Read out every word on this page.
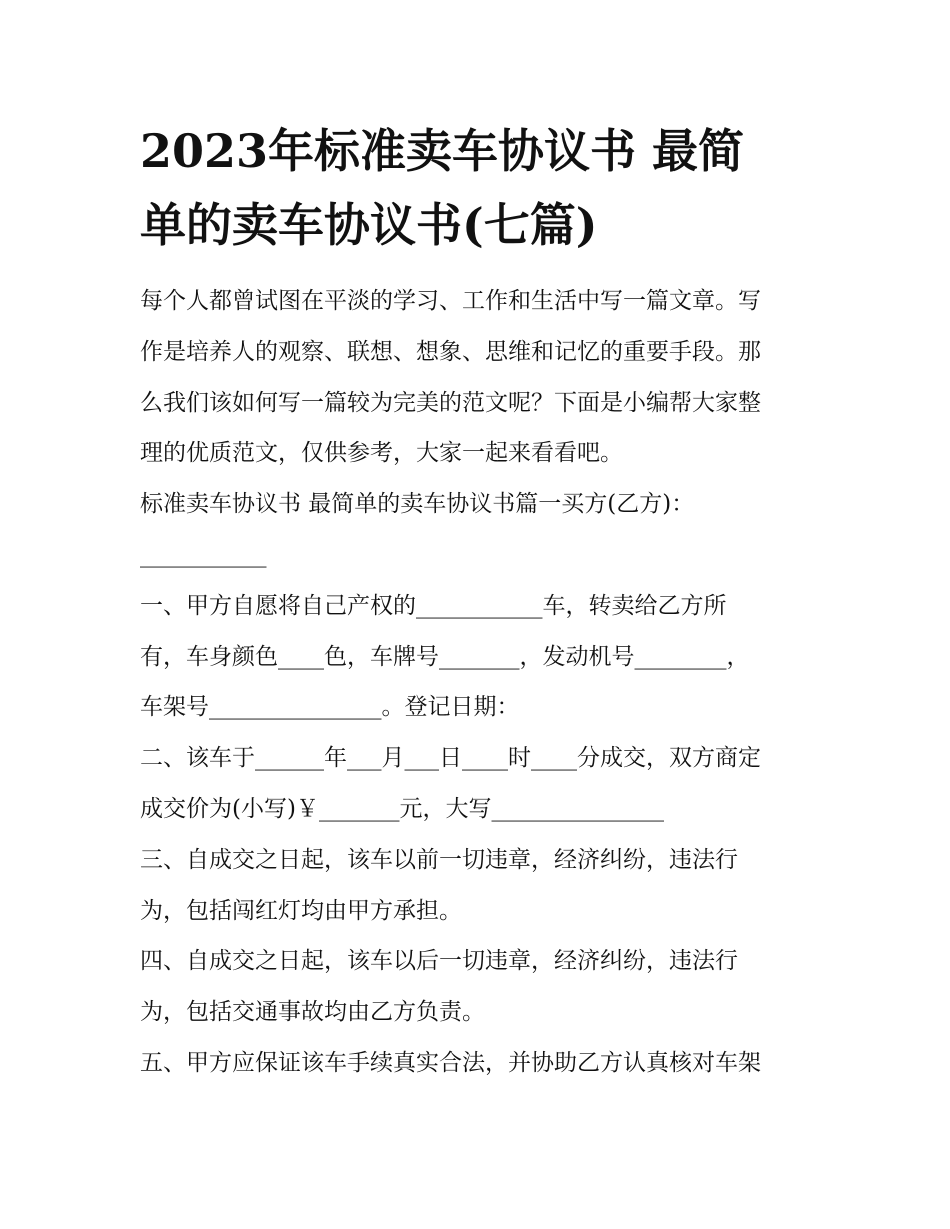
2023年标准卖车协议书 最简
单的卖车协议书(七篇)
每个人都曾试图在平淡的学习、工作和生活中写一篇文章。写
作是培养人的观察、联想、想象、思维和记忆的重要手段。那
么我们该如何写一篇较为完美的范文呢？下面是小编帮大家整
理的优质范文，仅供参考，大家一起来看看吧。
标准卖车协议书 最简单的卖车协议书篇一买方(乙方)：
___________
一、甲方自愿将自己产权的___________车，转卖给乙方所
有，车身颜色____色，车牌号_______，发动机号________，
车架号_______________。登记日期：
二、该车于______年___月___日____时____分成交，双方商定
成交价为(小写)￥_______元，大写_______________
三、自成交之日起，该车以前一切违章，经济纠纷，违法行
为，包括闯红灯均由甲方承担。
四、自成交之日起，该车以后一切违章，经济纠纷，违法行
为，包括交通事故均由乙方负责。
五、甲方应保证该车手续真实合法，并协助乙方认真核对车架
